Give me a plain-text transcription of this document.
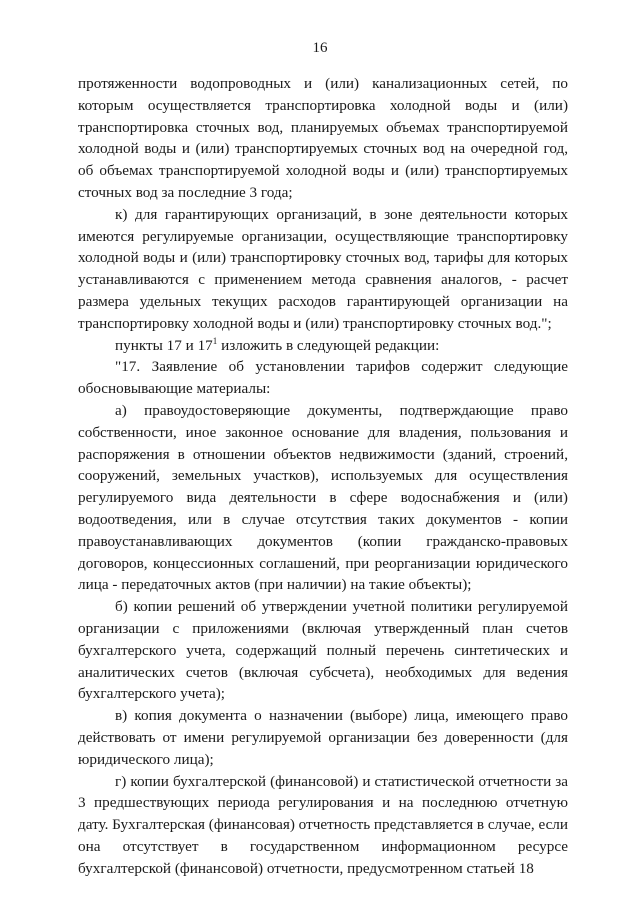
16

протяженности водопроводных и (или) канализационных сетей, по которым осуществляется транспортировка холодной воды и (или) транспортировка сточных вод, планируемых объемах транспортируемой холодной воды и (или) транспортируемых сточных вод на очередной год, об объемах транспортируемой холодной воды и (или) транспортируемых сточных вод за последние 3 года;

к) для гарантирующих организаций, в зоне деятельности которых имеются регулируемые организации, осуществляющие транспортировку холодной воды и (или) транспортировку сточных вод, тарифы для которых устанавливаются с применением метода сравнения аналогов, - расчет размера удельных текущих расходов гарантирующей организации на транспортировку холодной воды и (или) транспортировку сточных вод.";

пункты 17 и $17^1$ изложить в следующей редакции:

"17. Заявление об установлении тарифов содержит следующие обосновывающие материалы:

а) правоудостоверяющие документы, подтверждающие право собственности, иное законное основание для владения, пользования и распоряжения в отношении объектов недвижимости (зданий, строений, сооружений, земельных участков), используемых для осуществления регулируемого вида деятельности в сфере водоснабжения и (или) водоотведения, или в случае отсутствия таких документов - копии правоустанавливающих документов (копии гражданско-правовых договоров, концессионных соглашений, при реорганизации юридического лица - передаточных актов (при наличии) на такие объекты);

б) копии решений об утверждении учетной политики регулируемой организации с приложениями (включая утвержденный план счетов бухгалтерского учета, содержащий полный перечень синтетических и аналитических счетов (включая субсчета), необходимых для ведения бухгалтерского учета);

в) копия документа о назначении (выборе) лица, имеющего право действовать от имени регулируемой организации без доверенности (для юридического лица);

г) копии бухгалтерской (финансовой) и статистической отчетности за 3 предшествующих периода регулирования и на последнюю отчетную дату. Бухгалтерская (финансовая) отчетность представляется в случае, если она отсутствует в государственном информационном ресурсе бухгалтерской (финансовой) отчетности, предусмотренном статьей 18
